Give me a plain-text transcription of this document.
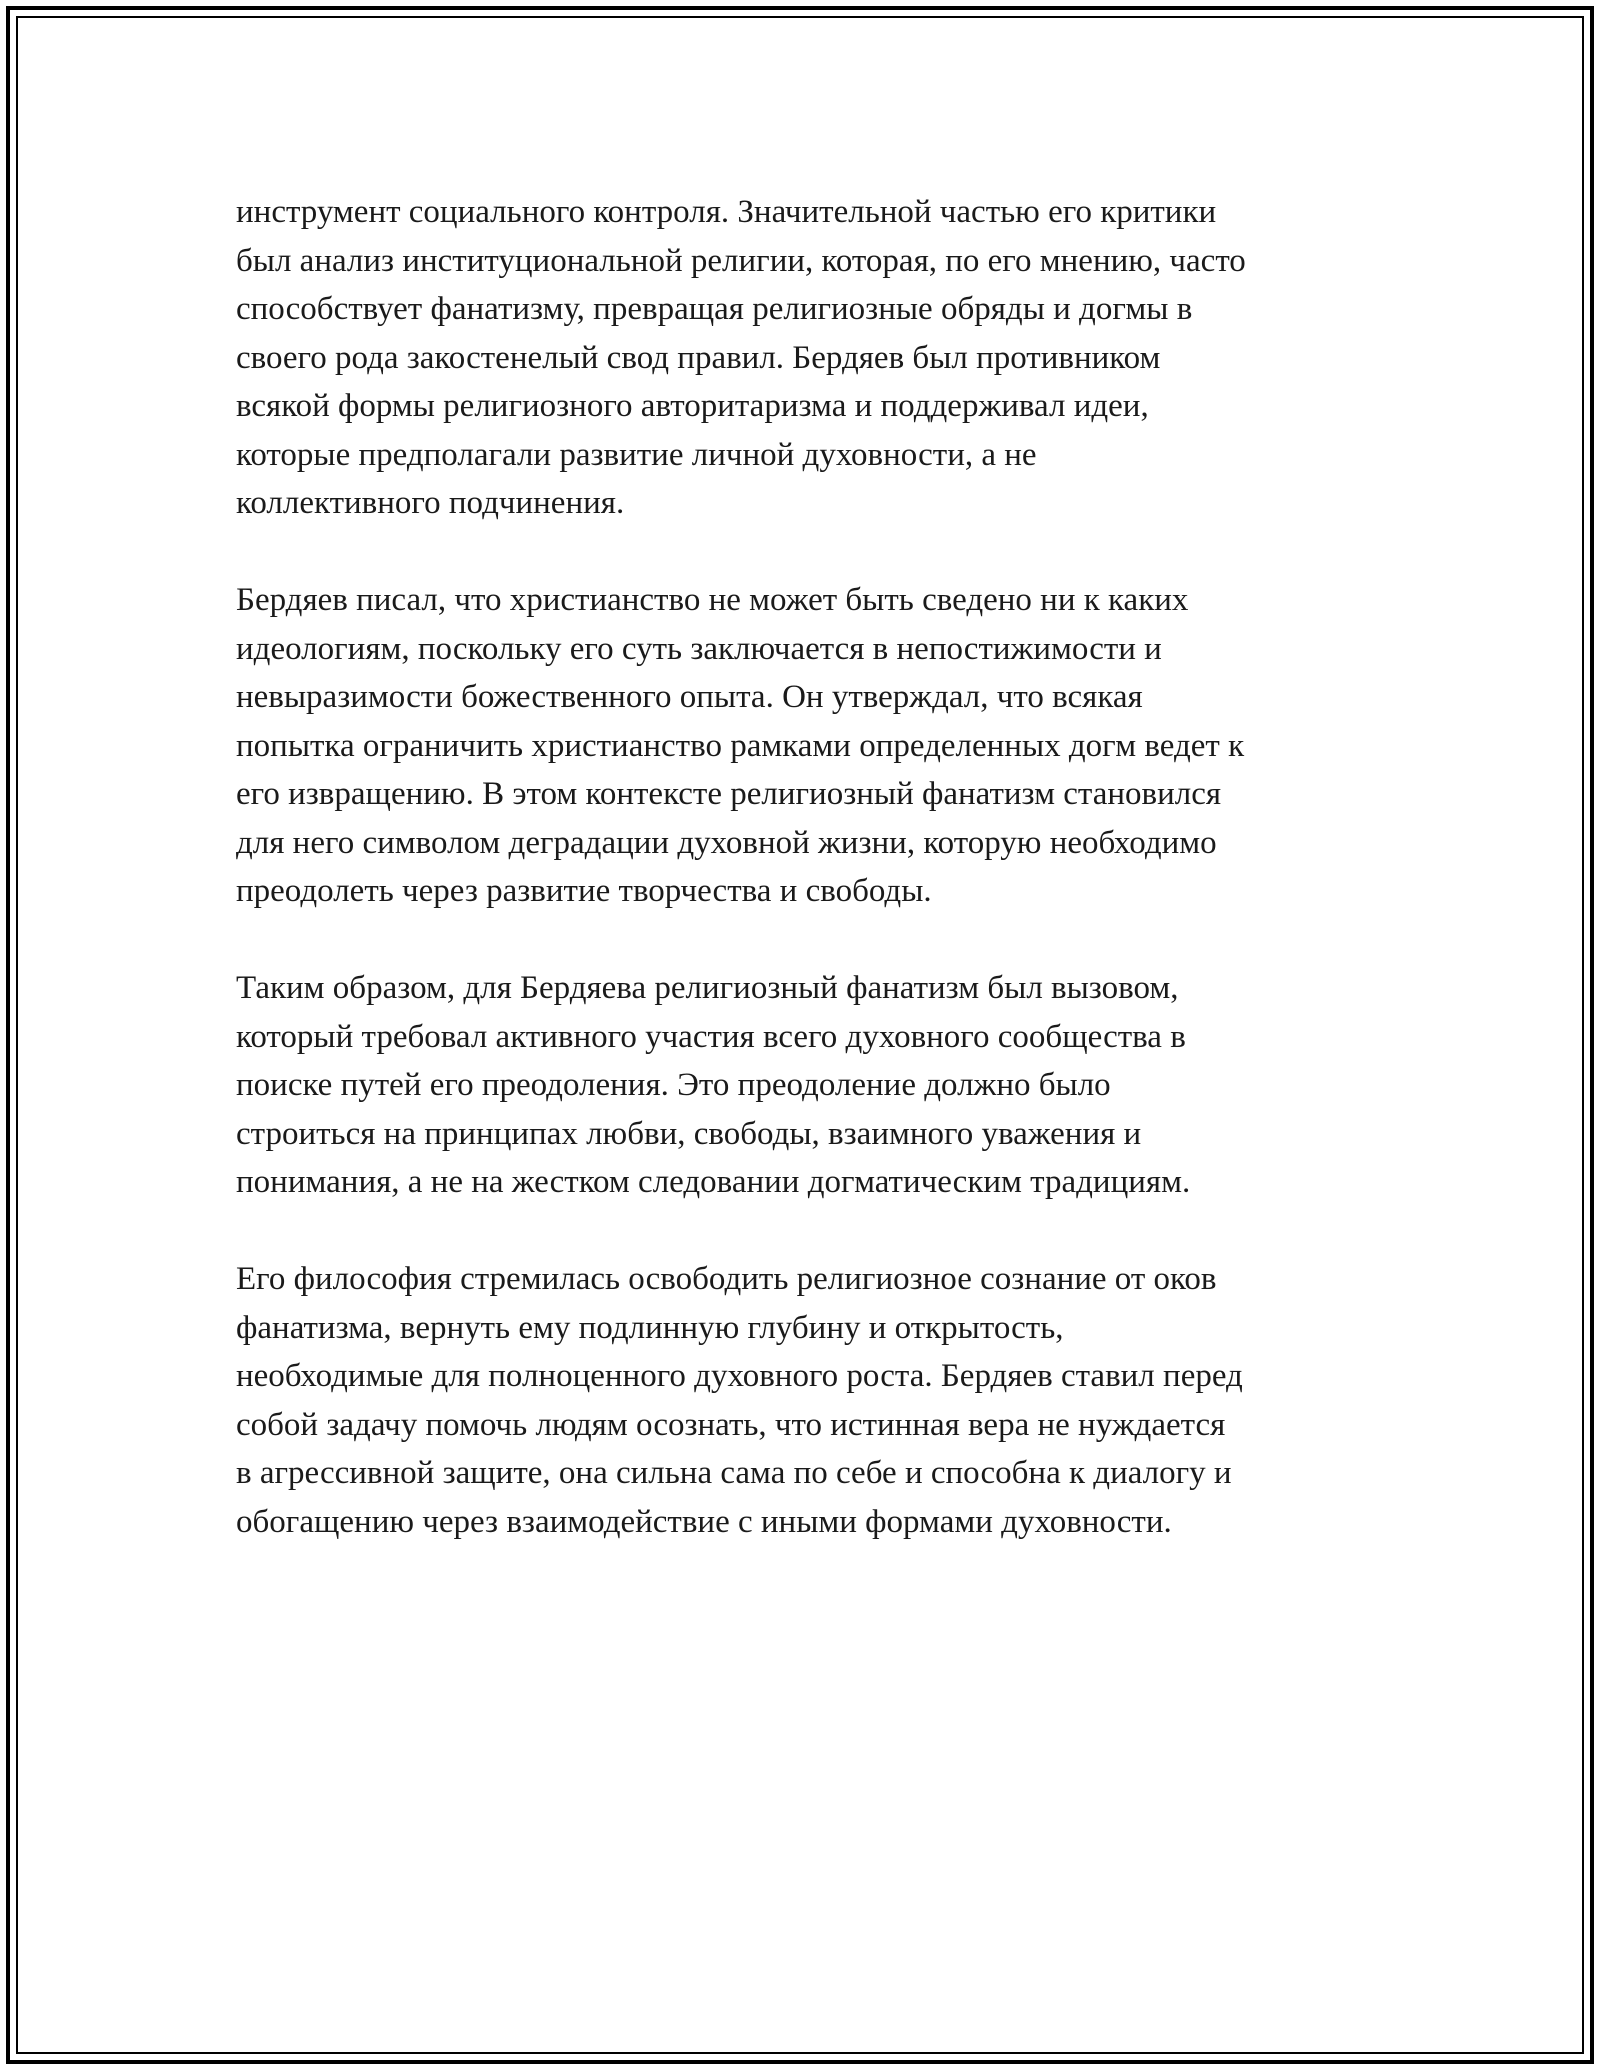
инструмент социального контроля. Значительной частью его критики
был анализ институциональной религии, которая, по его мнению, часто
способствует фанатизму, превращая религиозные обряды и догмы в
своего рода закостенелый свод правил. Бердяев был противником
всякой формы религиозного авторитаризма и поддерживал идеи,
которые предполагали развитие личной духовности, а не
коллективного подчинения.

Бердяев писал, что христианство не может быть сведено ни к каких
идеологиям, поскольку его суть заключается в непостижимости и
невыразимости божественного опыта. Он утверждал, что всякая
попытка ограничить христианство рамками определенных догм ведет к
его извращению. В этом контексте религиозный фанатизм становился
для него символом деградации духовной жизни, которую необходимо
преодолеть через развитие творчества и свободы.

Таким образом, для Бердяева религиозный фанатизм был вызовом,
который требовал активного участия всего духовного сообщества в
поиске путей его преодоления. Это преодоление должно было
строиться на принципах любви, свободы, взаимного уважения и
понимания, а не на жестком следовании догматическим традициям.

Его философия стремилась освободить религиозное сознание от оков
фанатизма, вернуть ему подлинную глубину и открытость,
необходимые для полноценного духовного роста. Бердяев ставил перед
собой задачу помочь людям осознать, что истинная вера не нуждается
в агрессивной защите, она сильна сама по себе и способна к диалогу и
обогащению через взаимодействие с иными формами духовности.
